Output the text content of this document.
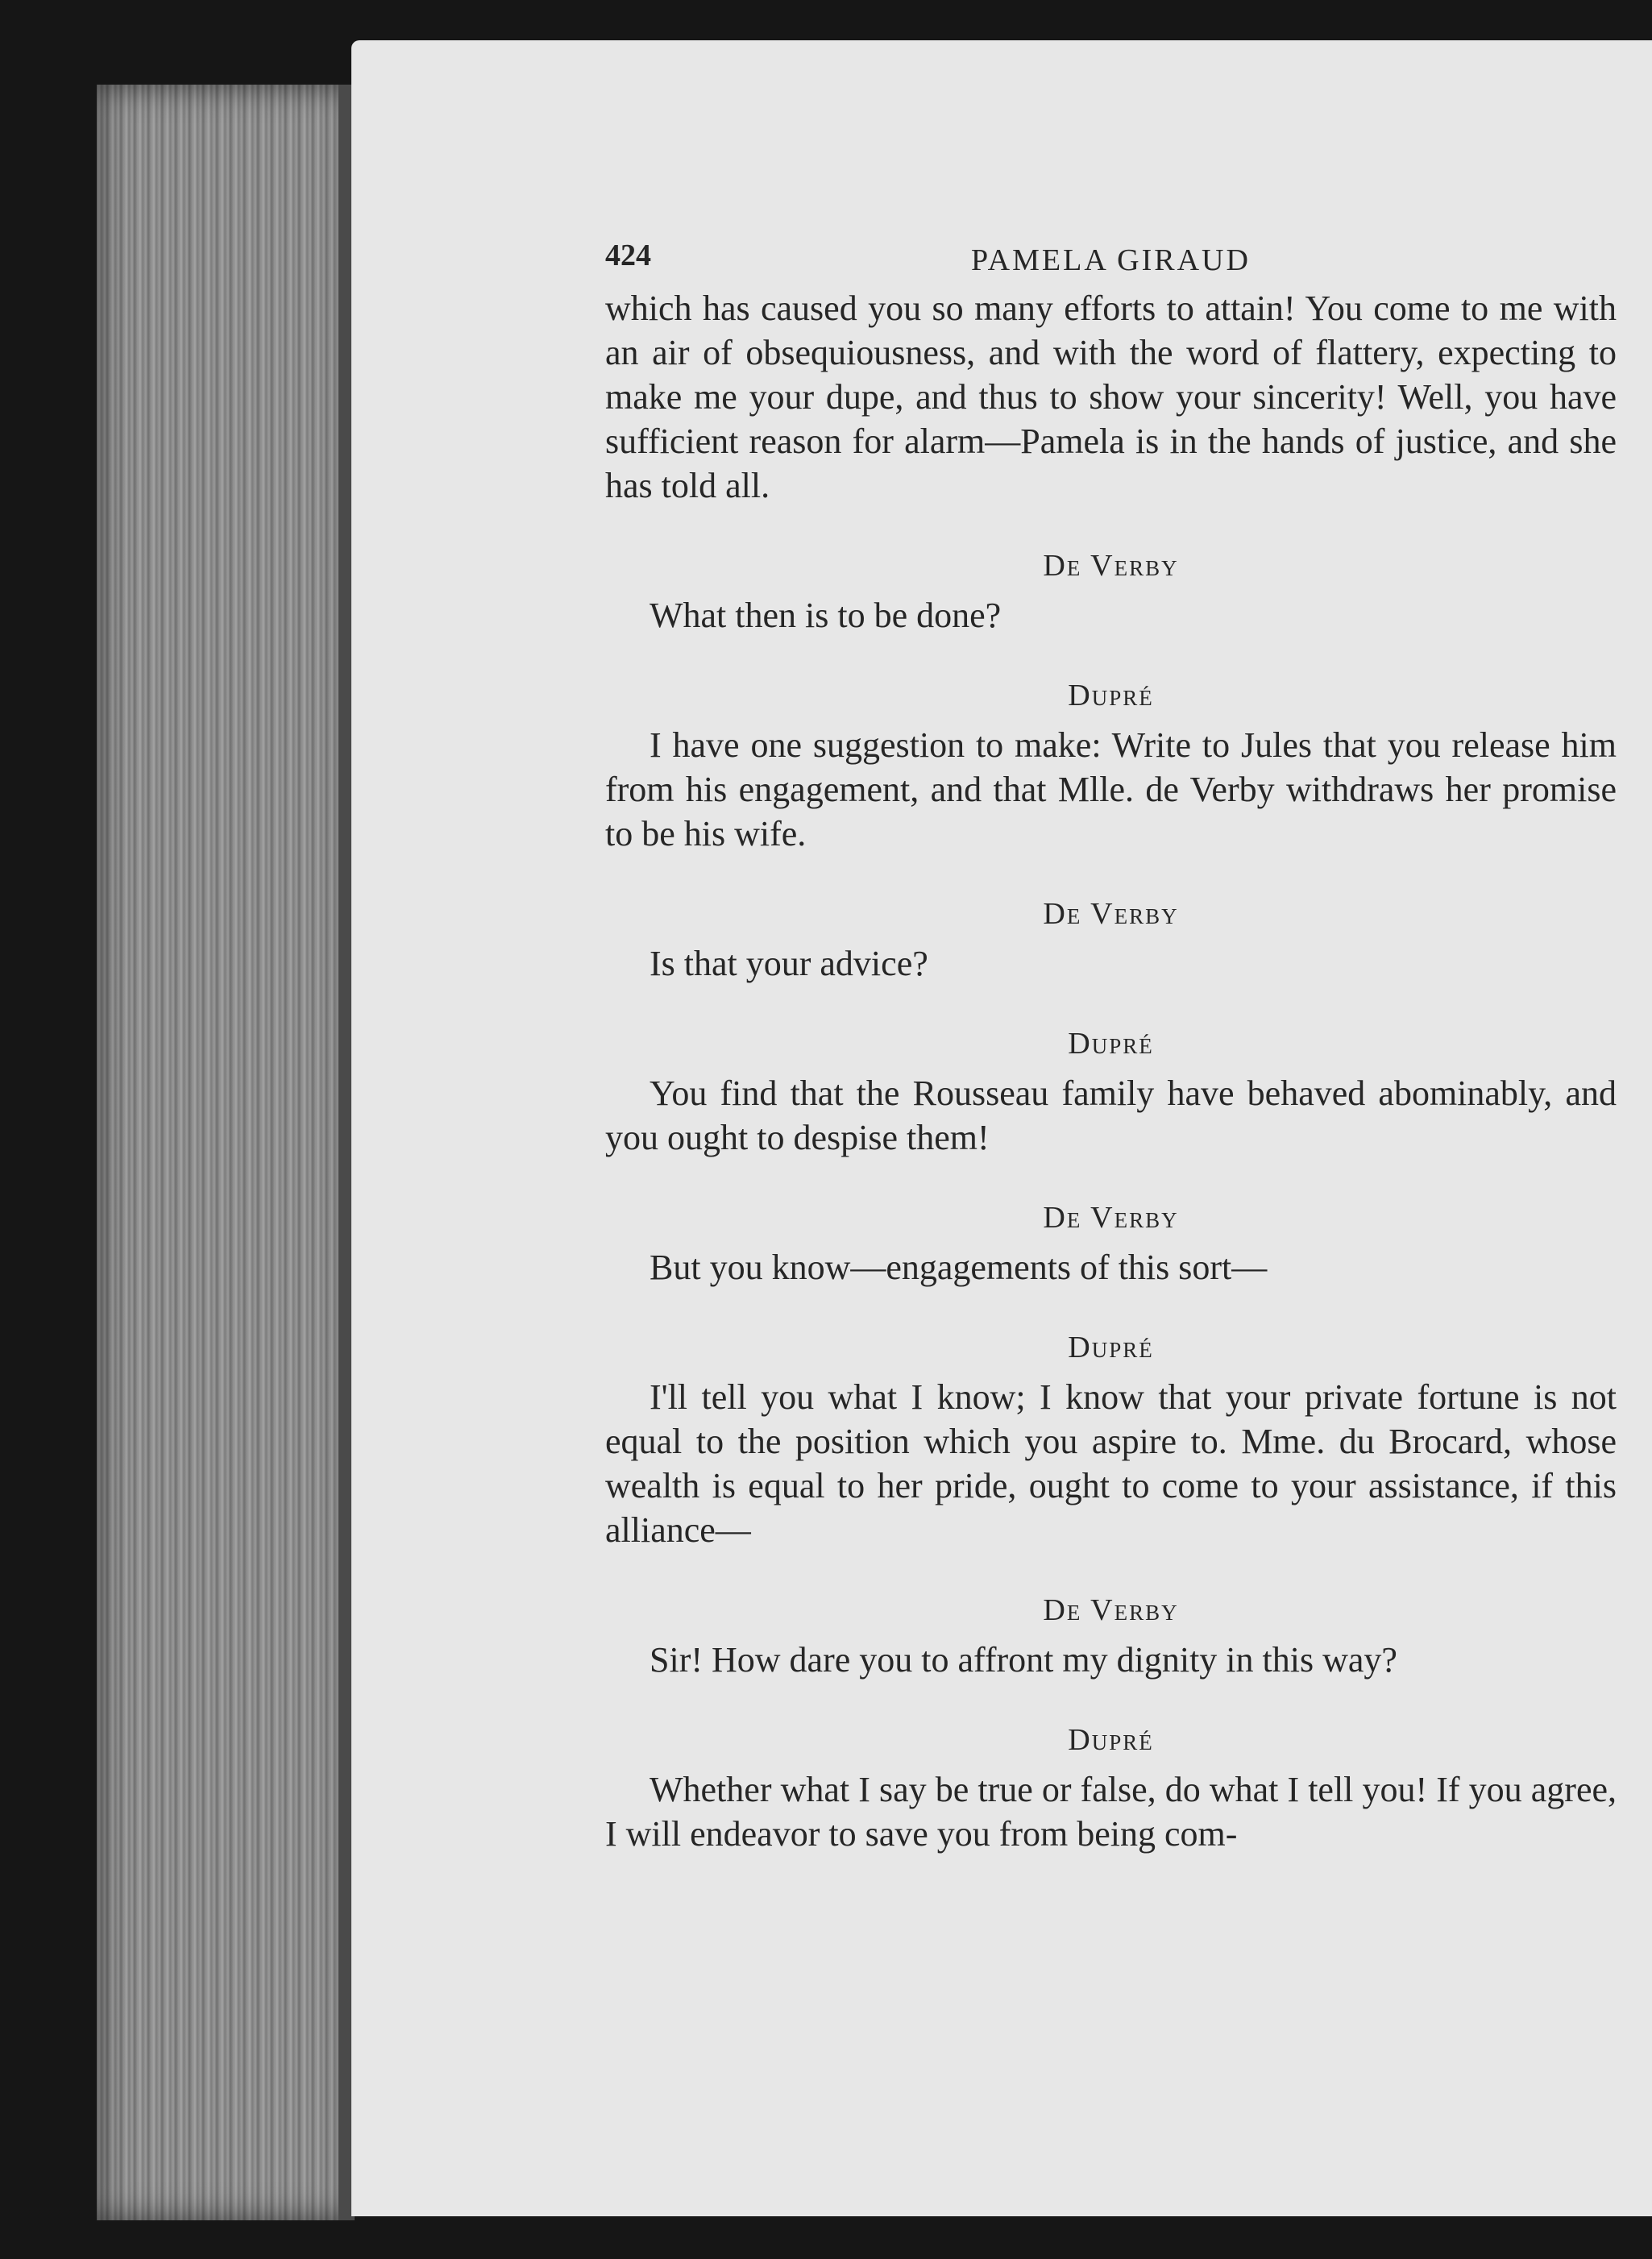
424	PAMELA GIRAUD

which has caused you so many efforts to attain! You come to me with an air of obsequiousness, and with the word of flattery, expecting to make me your dupe, and thus to show your sincerity! Well, you have sufficient reason for alarm—Pamela is in the hands of justice, and she has told all.

De Verby

What then is to be done?

Dupré

I have one suggestion to make: Write to Jules that you release him from his engagement, and that Mlle. de Verby withdraws her promise to be his wife.

De Verby

Is that your advice?

Dupré

You find that the Rousseau family have behaved abominably, and you ought to despise them!

De Verby

But you know—engagements of this sort—

Dupré

I'll tell you what I know; I know that your private fortune is not equal to the position which you aspire to. Mme. du Brocard, whose wealth is equal to her pride, ought to come to your assistance, if this alliance—

De Verby

Sir! How dare you to affront my dignity in this way?

Dupré

Whether what I say be true or false, do what I tell you! If you agree, I will endeavor to save you from being com-
